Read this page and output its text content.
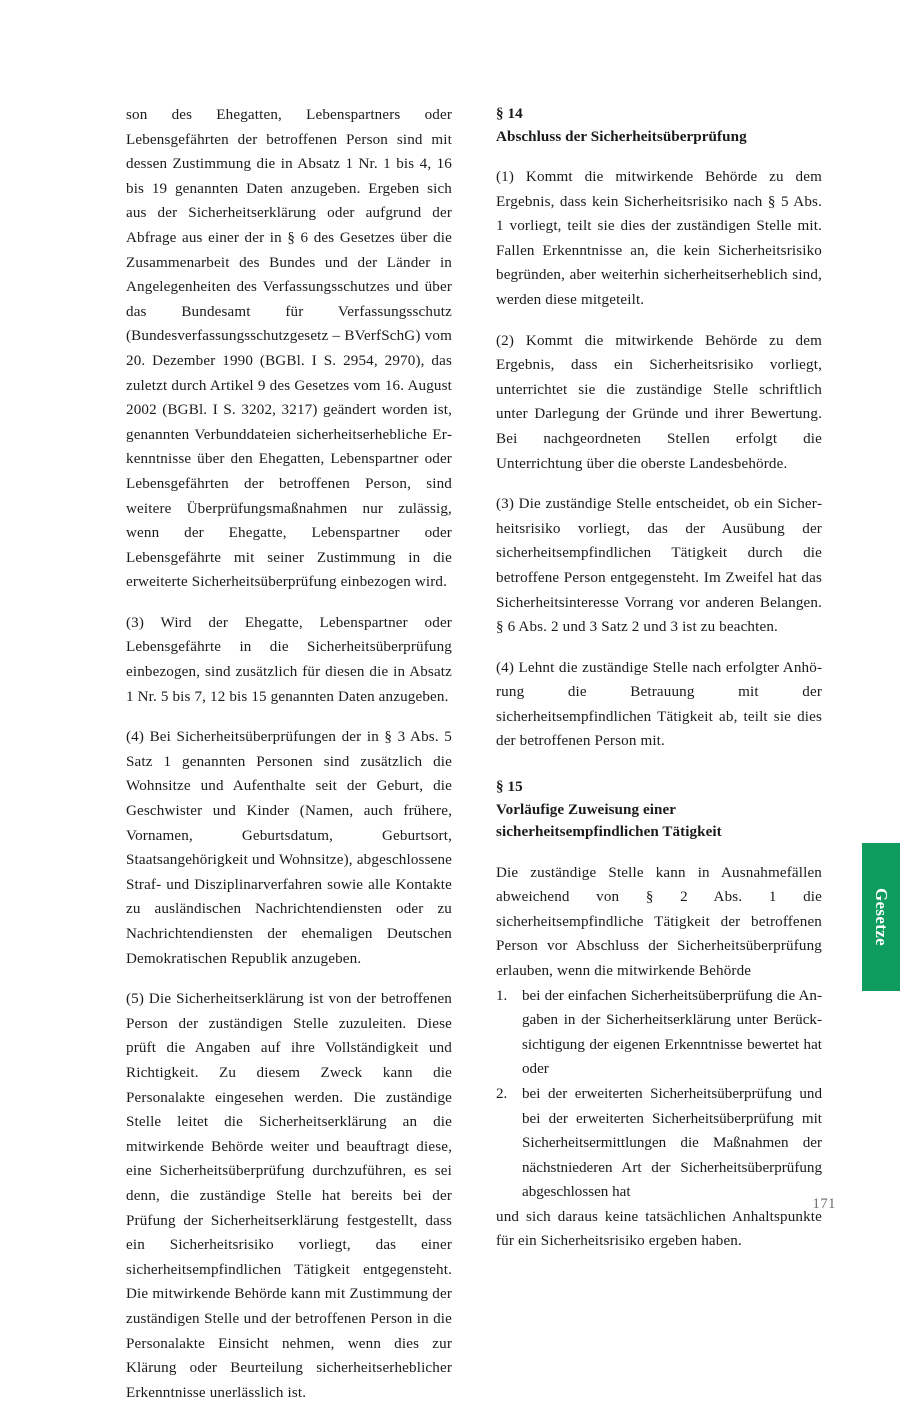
son des Ehegatten, Lebenspartners oder Lebensgefährten der betroffenen Person sind mit dessen Zustimmung die in Absatz 1 Nr. 1 bis 4, 16 bis 19 genannten Daten anzugeben. Ergeben sich aus der Sicherheitserklärung oder aufgrund der Abfrage aus einer der in § 6 des Gesetzes über die Zusammenarbeit des Bundes und der Länder in Angelegenheiten des Verfassungsschutzes und über das Bundesamt für Verfassungsschutz (Bundesverfassungsschutzgesetz – BVerfSchG) vom 20. Dezember 1990 (BGBl. I S. 2954, 2970), das zuletzt durch Artikel 9 des Gesetzes vom 16. August 2002 (BGBl. I S. 3202, 3217) geändert worden ist, genannten Verbunddateien sicherheitserhebliche Erkenntnisse über den Ehegatten, Lebenspartner oder Lebensgefährten der betroffenen Person, sind weitere Überprüfungsmaßnahmen nur zulässig, wenn der Ehegatte, Lebenspartner oder Lebensgefährte mit seiner Zustimmung in die erweiterte Sicherheitsüberprüfung einbezogen wird.

(3) Wird der Ehegatte, Lebenspartner oder Lebensgefährte in die Sicherheitsüberprüfung einbezogen, sind zusätzlich für diesen die in Absatz 1 Nr. 5 bis 7, 12 bis 15 genannten Daten anzugeben.

(4) Bei Sicherheitsüberprüfungen der in § 3 Abs. 5 Satz 1 genannten Personen sind zusätzlich die Wohnsitze und Aufenthalte seit der Geburt, die Geschwister und Kinder (Namen, auch frühere, Vornamen, Geburtsdatum, Geburtsort, Staatsangehörigkeit und Wohnsitze), abgeschlossene Straf- und Disziplinarverfahren sowie alle Kontakte zu ausländischen Nachrichtendiensten oder zu Nachrichtendiensten der ehemaligen Deutschen Demokratischen Republik anzugeben.

(5) Die Sicherheitserklärung ist von der betroffenen Person der zuständigen Stelle zuzuleiten. Diese prüft die Angaben auf ihre Vollständigkeit und Richtigkeit. Zu diesem Zweck kann die Personalakte eingesehen werden. Die zuständige Stelle leitet die Sicherheitserklärung an die mitwirkende Behörde weiter und beauftragt diese, eine Sicherheitsüberprüfung durchzuführen, es sei denn, die zuständige Stelle hat bereits bei der Prüfung der Sicherheitserklärung festgestellt, dass ein Sicherheitsrisiko vorliegt, das einer sicherheitsempfindlichen Tätigkeit entgegensteht. Die mitwirkende Behörde kann mit Zustimmung der zuständigen Stelle und der betroffenen Person in die Personalakte Einsicht nehmen, wenn dies zur Klärung oder Beurteilung sicherheitserheblicher Erkenntnisse unerlässlich ist.

§ 14
Abschluss der Sicherheitsüberprüfung

(1) Kommt die mitwirkende Behörde zu dem Ergebnis, dass kein Sicherheitsrisiko nach § 5 Abs. 1 vorliegt, teilt sie dies der zuständigen Stelle mit. Fallen Erkenntnisse an, die kein Sicherheitsrisiko begründen, aber weiterhin sicherheitserheblich sind, werden diese mitgeteilt.

(2) Kommt die mitwirkende Behörde zu dem Ergebnis, dass ein Sicherheitsrisiko vorliegt, unterrichtet sie die zuständige Stelle schriftlich unter Darlegung der Gründe und ihrer Bewertung. Bei nachgeordneten Stellen erfolgt die Unterrichtung über die oberste Landesbehörde.

(3) Die zuständige Stelle entscheidet, ob ein Sicherheitsrisiko vorliegt, das der Ausübung der sicherheitsempfindlichen Tätigkeit durch die betroffene Person entgegensteht. Im Zweifel hat das Sicherheitsinteresse Vorrang vor anderen Belangen. § 6 Abs. 2 und 3 Satz 2 und 3 ist zu beachten.

(4) Lehnt die zuständige Stelle nach erfolgter Anhörung die Betrauung mit der sicherheitsempfindlichen Tätigkeit ab, teilt sie dies der betroffenen Person mit.

§ 15
Vorläufige Zuweisung einer
sicherheitsempfindlichen Tätigkeit

Die zuständige Stelle kann in Ausnahmefällen abweichend von § 2 Abs. 1 die sicherheitsempfindliche Tätigkeit der betroffenen Person vor Abschluss der Sicherheitsüberprüfung erlauben, wenn die mitwirkende Behörde

1. bei der einfachen Sicherheitsüberprüfung die Angaben in der Sicherheitserklärung unter Berücksichtigung der eigenen Erkenntnisse bewertet hat oder
2. bei der erweiterten Sicherheitsüberprüfung und bei der erweiterten Sicherheitsüberprüfung mit Sicherheitsermittlungen die Maßnahmen der nächstniederen Art der Sicherheitsüberprüfung abgeschlossen hat

und sich daraus keine tatsächlichen Anhaltspunkte für ein Sicherheitsrisiko ergeben haben.

Gesetze
171
